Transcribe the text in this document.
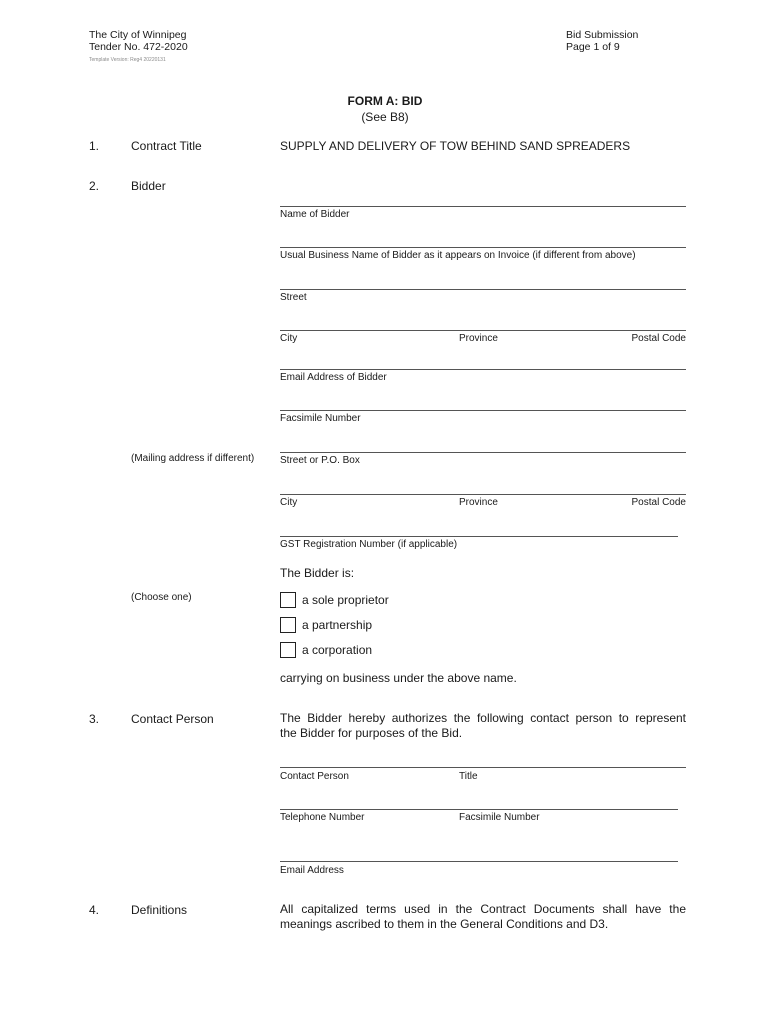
The City of Winnipeg
Tender No. 472-2020
Bid Submission
Page 1 of 9
Template Version: Reg4 20220131
FORM A: BID
(See B8)
1.	Contract Title	SUPPLY AND DELIVERY OF TOW BEHIND SAND SPREADERS
2.	Bidder
Name of Bidder
Usual Business Name of Bidder as it appears on Invoice (if different from above)
Street
City	Province	Postal Code
Email Address of Bidder
Facsimile Number
(Mailing address if different)	Street or P.O. Box
City	Province	Postal Code
GST Registration Number (if applicable)
The Bidder is:
(Choose one)	a sole proprietor
a partnership
a corporation
carrying on business under the above name.
3.	Contact Person	The Bidder hereby authorizes the following contact person to represent
the Bidder for purposes of the Bid.
Contact Person	Title
Telephone Number	Facsimile Number
Email Address
4.	Definitions	All capitalized terms used in the Contract Documents shall have the
meanings ascribed to them in the General Conditions and D3.
